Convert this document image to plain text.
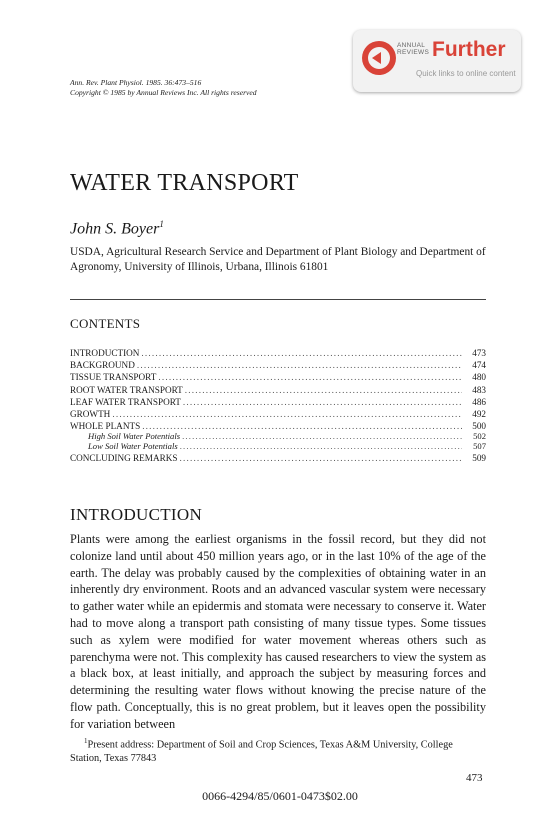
Ann. Rev. Plant Physiol. 1985. 36:473–516
Copyright © 1985 by Annual Reviews Inc. All rights reserved
ANNUAL
REVIEWS Further
Quick links to online content
WATER TRANSPORT
John S. Boyer$^1$
USDA, Agricultural Research Service and Department of Plant Biology and Department of Agronomy, University of Illinois, Urbana, Illinois 61801
CONTENTS
INTRODUCTION .....	473
BACKGROUND .....	474
TISSUE TRANSPORT .....	480
ROOT WATER TRANSPORT .....	483
LEAF WATER TRANSPORT .....	486
GROWTH .....	492
WHOLE PLANTS .....	500
High Soil Water Potentials .....	502
Low Soil Water Potentials .....	507
CONCLUDING REMARKS .....	509
INTRODUCTION

Plants were among the earliest organisms in the fossil record, but they did not colonize land until about 450 million years ago, or in the last 10% of the age of the earth. The delay was probably caused by the complexities of obtaining water in an inherently dry environment. Roots and an advanced vascular system were necessary to gather water while an epidermis and stomata were necessary to conserve it. Water had to move along a transport path consisting of many tissue types. Some tissues such as xylem were modified for water movement whereas others such as parenchyma were not. This complexity has caused researchers to view the system as a black box, at least initially, and approach the subject by measuring forces and determining the resulting water flows without knowing the precise nature of the flow path. Conceptually, this is no great problem, but it leaves open the possibility for variation between

$^1$Present address: Department of Soil and Crop Sciences, Texas A&M University, College Station, Texas 77843
473
0066-4294/85/0601-0473$02.00
